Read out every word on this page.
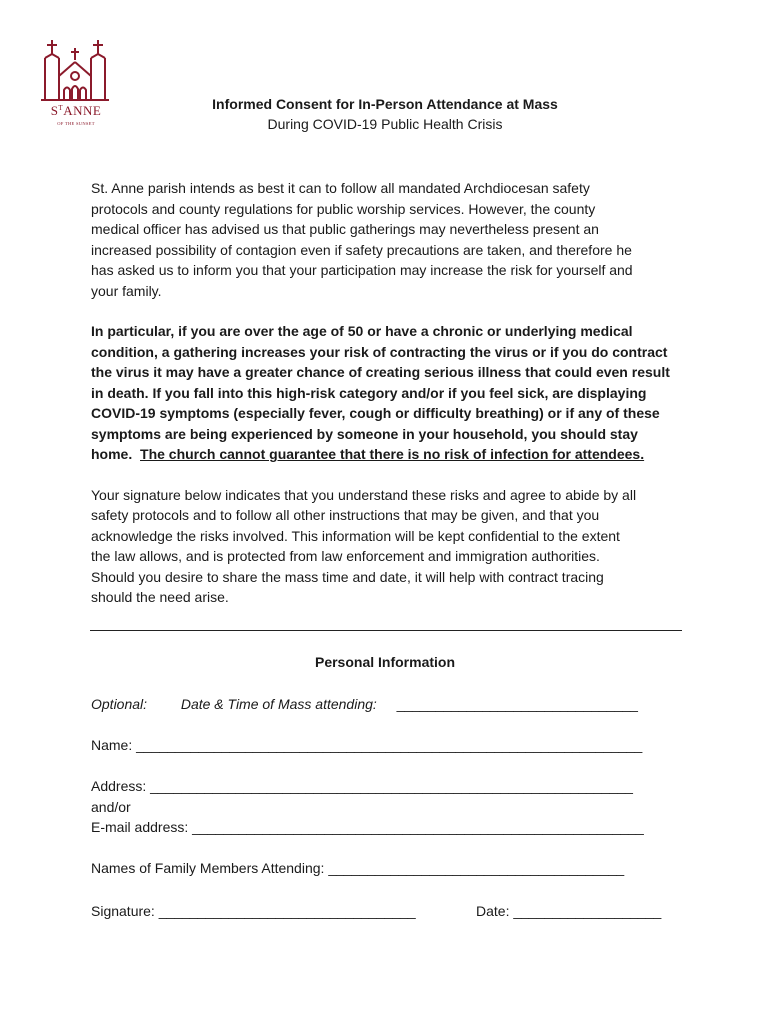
$S^TANNE$
OF THE SUNSET

Informed Consent for In-Person Attendance at Mass

During COVID-19 Public Health Crisis

St. Anne parish intends as best it can to follow all mandated Archdiocesan safety
protocols and county regulations for public worship services. However, the county
medical officer has advised us that public gatherings may nevertheless present an
increased possibility of contagion even if safety precautions are taken, and therefore he
has asked us to inform you that your participation may increase the risk for yourself and
your family.

In particular, if you are over the age of 50 or have a chronic or underlying medical
condition, a gathering increases your risk of contracting the virus or if you do contract
the virus it may have a greater chance of creating serious illness that could even result
in death. If you fall into this high-risk category and/or if you feel sick, are displaying
COVID-19 symptoms (especially fever, cough or difficulty breathing) or if any of these
symptoms are being experienced by someone in your household, you should stay
home.  The church cannot guarantee that there is no risk of infection for attendees.

Your signature below indicates that you understand these risks and agree to abide by all
safety protocols and to follow all other instructions that may be given, and that you
acknowledge the risks involved. This information will be kept confidential to the extent
the law allows, and is protected from law enforcement and immigration authorities.
Should you desire to share the mass time and date, it will help with contract tracing
should the need arise.

Personal Information
Optional: Date & Time of Mass attending: _______________________________
Name: _________________________________________________________________
Address: ______________________________________________________________
and/or
E-mail address: __________________________________________________________
Names of Family Members Attending: ______________________________________
Signature: _________________________________	Date: ___________________
